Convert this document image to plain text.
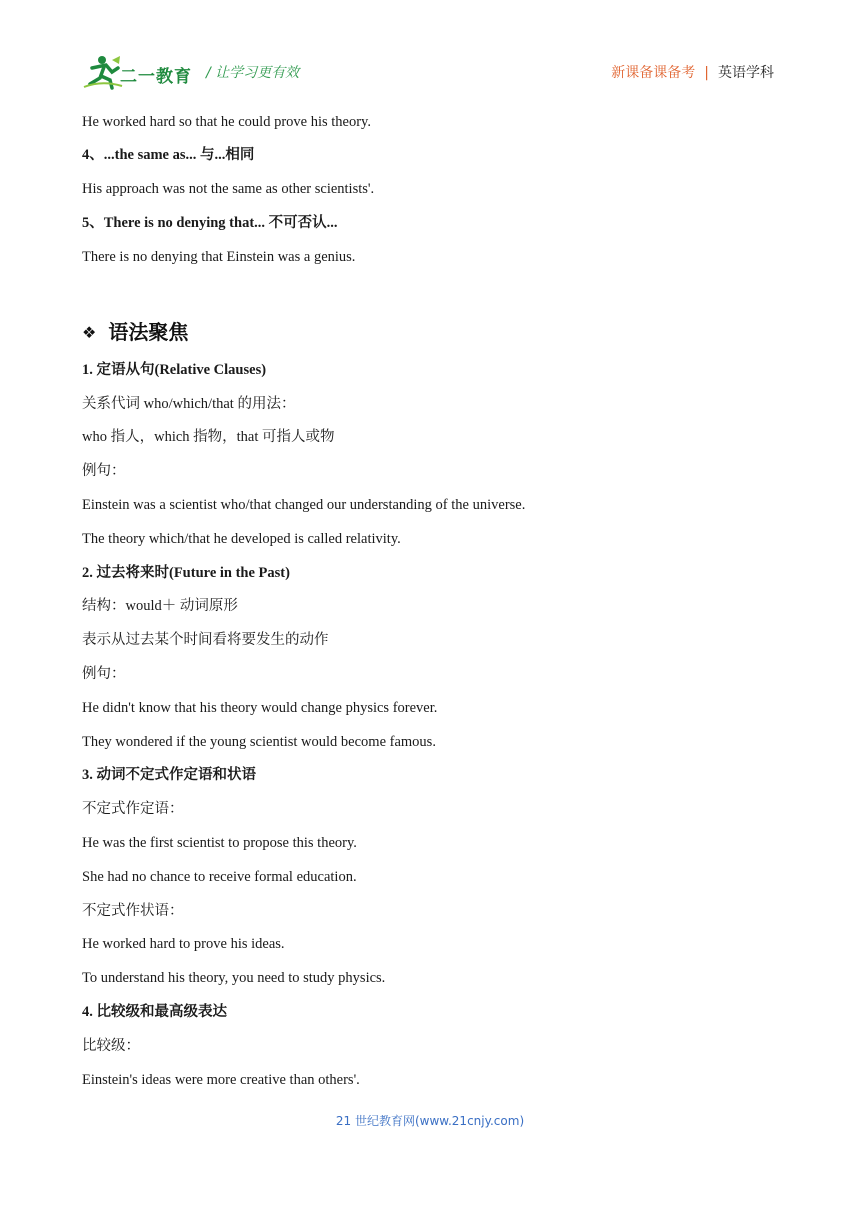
二一教育 / 让学习更有效	新课备课备考 | 英语学科

He worked hard so that he could prove his theory.

4、...the same as... 与...相同

His approach was not the same as other scientists'.

5、There is no denying that... 不可否认...

There is no denying that Einstein was a genius.

❖ 语法聚焦

1. 定语从句(Relative Clauses)

关系代词 who/which/that 的用法：

who 指人，which 指物，that 可指人或物

例句：

Einstein was a scientist who/that changed our understanding of the universe.

The theory which/that he developed is called relativity.

2. 过去将来时(Future in the Past)

结构：would＋ 动词原形

表示从过去某个时间看将要发生的动作

例句：

He didn't know that his theory would change physics forever.

They wondered if the young scientist would become famous.

3. 动词不定式作定语和状语

不定式作定语：

He was the first scientist to propose this theory.

She had no chance to receive formal education.

不定式作状语：

He worked hard to prove his ideas.

To understand his theory, you need to study physics.

4. 比较级和最高级表达

比较级：

Einstein's ideas were more creative than others'.

21 世纪教育网(www.21cnjy.com)
